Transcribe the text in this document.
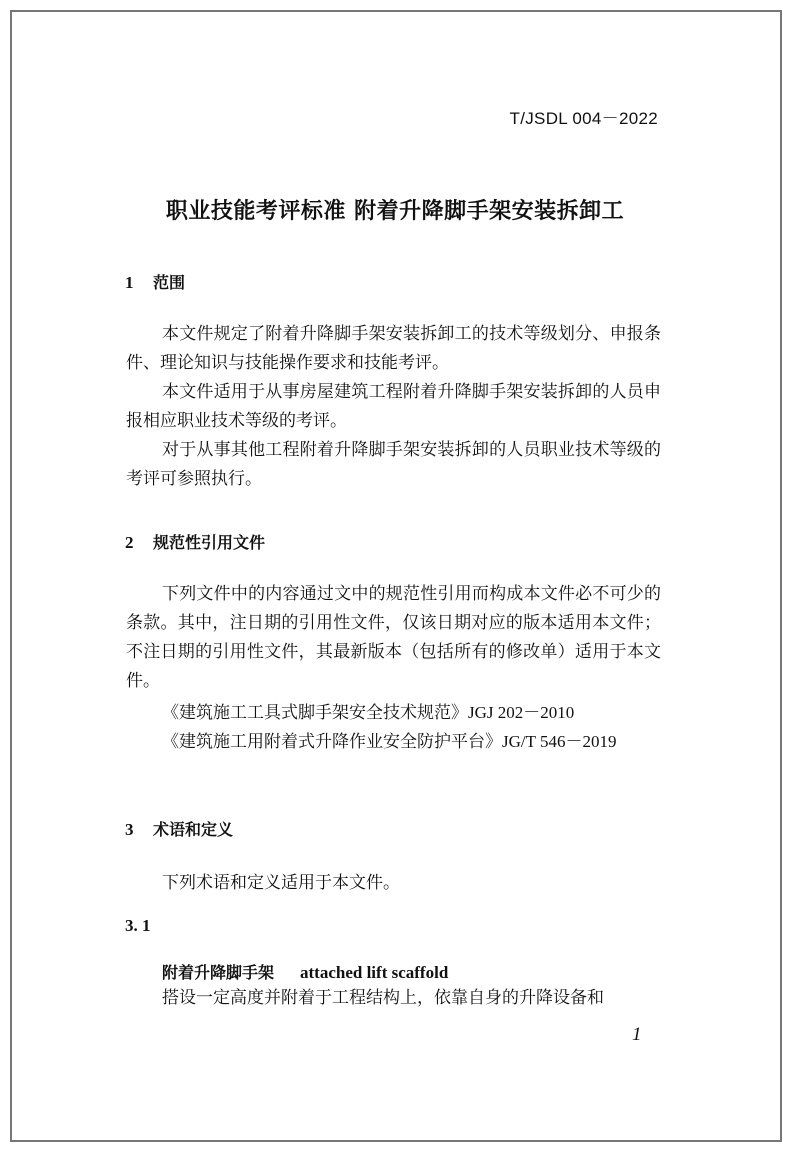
T/JSDL 004－2022
职业技能考评标准 附着升降脚手架安装拆卸工
1 范围
本文件规定了附着升降脚手架安装拆卸工的技术等级划分、申报条件、理论知识与技能操作要求和技能考评。
本文件适用于从事房屋建筑工程附着升降脚手架安装拆卸的人员申报相应职业技术等级的考评。
对于从事其他工程附着升降脚手架安装拆卸的人员职业技术等级的考评可参照执行。
2 规范性引用文件
下列文件中的内容通过文中的规范性引用而构成本文件必不可少的条款。其中，注日期的引用性文件，仅该日期对应的版本适用本文件；不注日期的引用性文件，其最新版本（包括所有的修改单）适用于本文件。
《建筑施工工具式脚手架安全技术规范》JGJ 202－2010
《建筑施工用附着式升降作业安全防护平台》JG/T 546－2019
3 术语和定义
下列术语和定义适用于本文件。
3. 1
附着升降脚手架 attached lift scaffold
搭设一定高度并附着于工程结构上，依靠自身的升降设备和
1
